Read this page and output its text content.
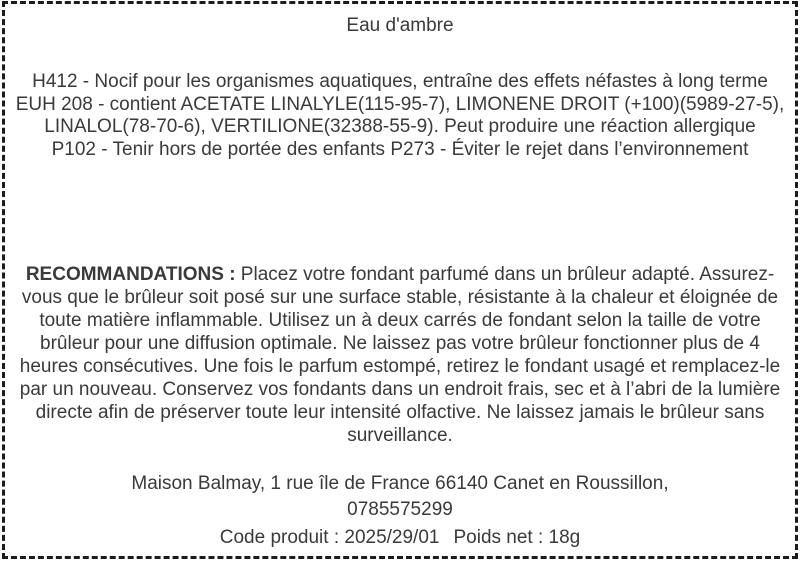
Eau d'ambre

H412 - Nocif pour les organismes aquatiques, entraîne des effets néfastes à long terme

EUH 208 - contient ACETATE LINALYLE(115-95-7), LIMONENE DROIT (+100)(5989-27-5), LINALOL(78-70-6), VERTILIONE(32388-55-9). Peut produire une réaction allergique

P102 - Tenir hors de portée des enfants P273 - Éviter le rejet dans l’environnement

RECOMMANDATIONS : Placez votre fondant parfumé dans un brûleur adapté. Assurez-vous que le brûleur soit posé sur une surface stable, résistante à la chaleur et éloignée de toute matière inflammable. Utilisez un à deux carrés de fondant selon la taille de votre brûleur pour une diffusion optimale. Ne laissez pas votre brûleur fonctionner plus de 4 heures consécutives. Une fois le parfum estompé, retirez le fondant usagé et remplacez-le par un nouveau. Conservez vos fondants dans un endroit frais, sec et à l’abri de la lumière directe afin de préserver toute leur intensité olfactive. Ne laissez jamais le brûleur sans surveillance.

Maison Balmay, 1 rue île de France 66140 Canet en Roussillon,

0785575299

Code produit : 2025/29/01 Poids net : 18g
